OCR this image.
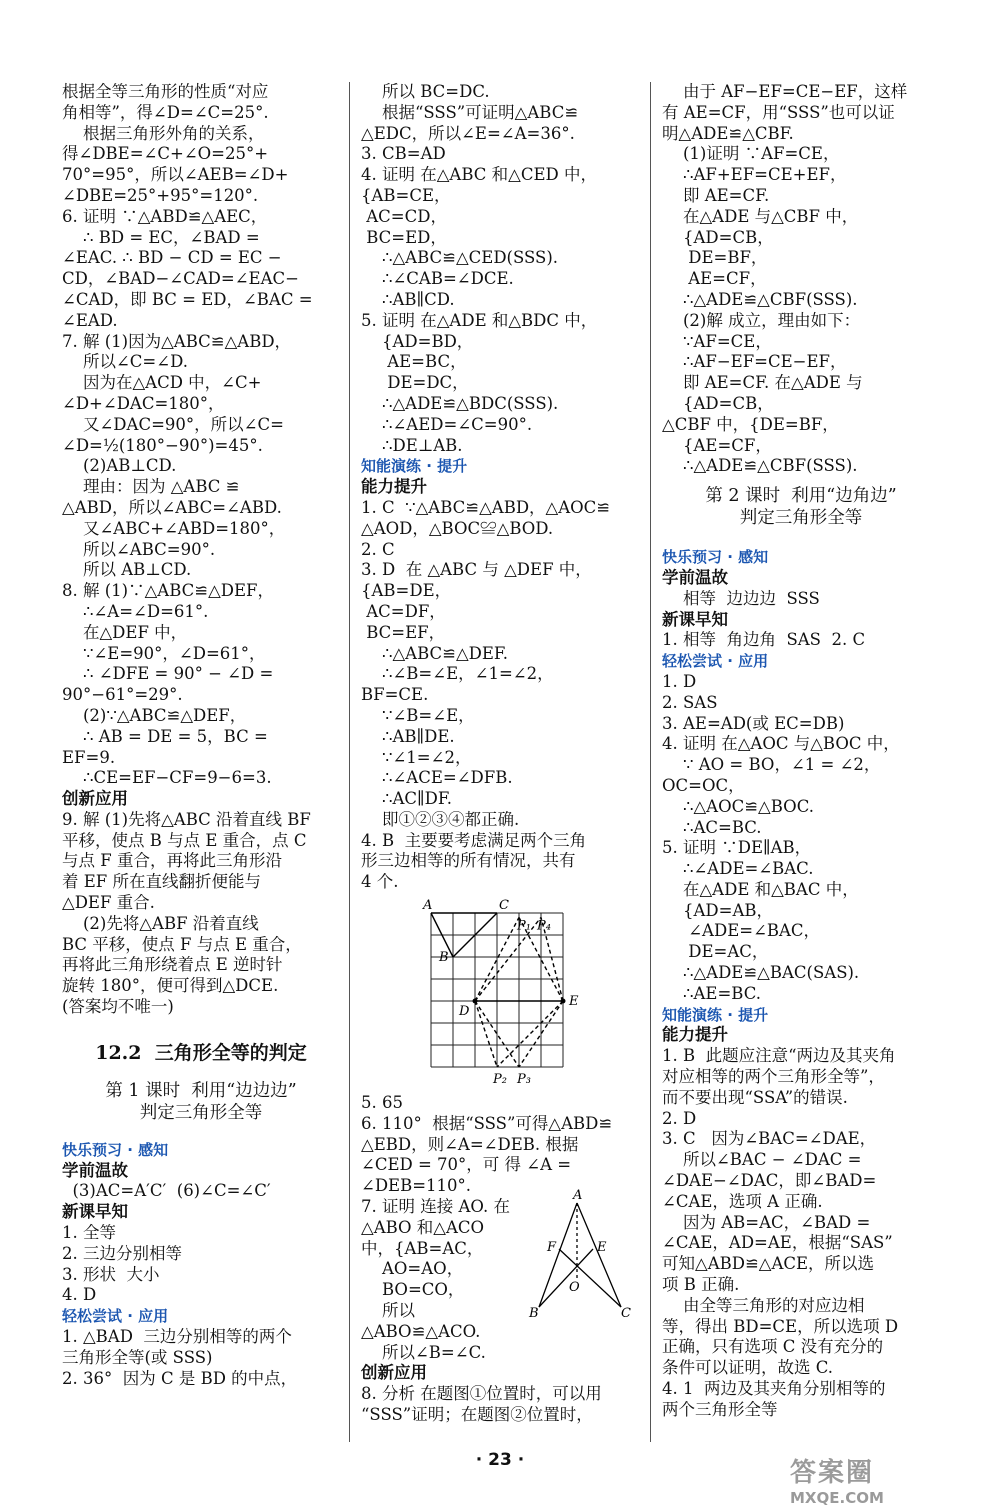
根据全等三角形的性质“对应
角相等”，得∠D=∠C=25°.
根据三角形外角的关系，
得∠DBE=∠C+∠O=25°+
70°=95°，所以∠AEB=∠D+
∠DBE=25°+95°=120°.
6. 证明 ∵△ABD≌△AEC，
∴ BD = EC，∠BAD =
∠EAC. ∴ BD − CD = EC −
CD，∠BAD−∠CAD=∠EAC−
∠CAD，即 BC = ED，∠BAC =
∠EAD.
7. 解 (1)因为△ABC≌△ABD，
所以∠C=∠D.
因为在△ACD 中，∠C+
∠D+∠DAC=180°，
又∠DAC=90°，所以∠C=
∠D=½(180°−90°)=45°.
(2)AB⊥CD.
理由：因为 △ABC ≌
△ABD，所以∠ABC=∠ABD.
又∠ABC+∠ABD=180°，
所以∠ABC=90°.
所以 AB⊥CD.
8. 解 (1)∵△ABC≌△DEF，
∴∠A=∠D=61°.
在△DEF 中，
∵∠E=90°，∠D=61°，
∴ ∠DFE = 90° − ∠D =
90°−61°=29°.
(2)∵△ABC≌△DEF，
∴ AB = DE = 5，BC =
EF=9.
∴CE=EF−CF=9−6=3.
创新应用
9. 解 (1)先将△ABC 沿着直线 BF
平移，使点 B 与点 E 重合，点 C
与点 F 重合，再将此三角形沿
着 EF 所在直线翻折便能与
△DEF 重合.
(2)先将△ABF 沿着直线
BC 平移，使点 F 与点 E 重合，
再将此三角形绕着点 E 逆时针
旋转 180°，便可得到△DCE.
(答案均不唯一)
12.2  三角形全等的判定
第 1 课时  利用“边边边”
判定三角形全等
快乐预习 · 感知
学前温故
(3)AC=A′C′  (6)∠C=∠C′
新课早知
1. 全等
2. 三边分别相等
3. 形状  大小
4. D
轻松尝试 · 应用
1. △BAD  三边分别相等的两个
三角形全等(或 SSS)
2. 36°  因为 C 是 BD 的中点，
所以 BC=DC.
根据“SSS”可证明△ABC≌
△EDC，所以∠E=∠A=36°.
3. CB=AD
4. 证明 在△ABC 和△CED 中，
{AB=CE，
AC=CD，
BC=ED，
∴△ABC≌△CED(SSS).
∴∠CAB=∠DCE.
∴AB∥CD.
5. 证明 在△ADE 和△BDC 中，
{AD=BD，
AE=BC，
DE=DC，
∴△ADE≌△BDC(SSS).
∴∠AED=∠C=90°.
∴DE⊥AB.
知能演练 · 提升
能力提升
1. C  ∵△ABC≌△ABD，△AOC≌
△AOD，△BOC≌△BOD.
2. C
3. D  在 △ABC 与 △DEF 中，
{AB=DE，
AC=DF，
BC=EF，
∴△ABC≌△DEF.
∴∠B=∠E，∠1=∠2，
BF=CE.
∵∠B=∠E，
∴AB∥DE.
∵∠1=∠2，
∴∠ACE=∠DFB.
∴AC∥DF.
即①②③④都正确.
4. B  主要要考虑满足两个三角
形三边相等的所有情况，共有
4 个.
A	C
B
D
E
P₁ P₄
P₂ P₃
5. 65
6. 110°  根据“SSS”可得△ABD≌
△EBD，则∠A=∠DEB. 根据
∠CED = 70°，可 得 ∠A =
∠DEB=110°.
7. 证明 连接 AO. 在
△ABO 和△ACO
中，{AB=AC，
AO=AO，
BO=CO，
所以
△ABO≌△ACO.
所以∠B=∠C.
创新应用
8. 分析 在题图①位置时，可以用
“SSS”证明；在题图②位置时，
A
B	C
F	E
O
由于 AF−EF=CE−EF，这样
有 AE=CF，用“SSS”也可以证
明△ADE≌△CBF.
(1)证明 ∵AF=CE，
∴AF+EF=CE+EF，
即 AE=CF.
在△ADE 与△CBF 中，
{AD=CB，
DE=BF，
AE=CF，
∴△ADE≌△CBF(SSS).
(2)解 成立，理由如下：
∵AF=CE，
∴AF−EF=CE−EF，
即 AE=CF. 在△ADE 与
{AD=CB，
△CBF 中，{DE=BF，
{AE=CF，
∴△ADE≌△CBF(SSS).
第 2 课时  利用“边角边”
判定三角形全等
快乐预习 · 感知
学前温故
相等  边边边  SSS
新课早知
1. 相等  角边角  SAS  2. C
轻松尝试 · 应用
1. D
2. SAS
3. AE=AD(或 EC=DB)
4. 证明 在△AOC 与△BOC 中，
∵ AO = BO，∠1 = ∠2，
OC=OC，
∴△AOC≌△BOC.
∴AC=BC.
5. 证明 ∵DE∥AB，
∴∠ADE=∠BAC.
在△ADE 和△BAC 中，
{AD=AB，
∠ADE=∠BAC，
DE=AC，
∴△ADE≌△BAC(SAS).
∴AE=BC.
知能演练 · 提升
能力提升
1. B  此题应注意“两边及其夹角
对应相等的两个三角形全等”，
而不要出现“SSA”的错误.
2. D
3. C   因为∠BAC=∠DAE，
所以∠BAC − ∠DAC =
∠DAE−∠DAC，即∠BAD=
∠CAE，选项 A 正确.
因为 AB=AC，∠BAD =
∠CAE，AD=AE，根据“SAS”
可知△ABD≌△ACE，所以选
项 B 正确.
由全等三角形的对应边相
等，得出 BD=CE，所以选项 D
正确，只有选项 C 没有充分的
条件可以证明，故选 C.
4. 1  两边及其夹角分别相等的
两个三角形全等
· 23 ·	答案圈
MXQE.COM
